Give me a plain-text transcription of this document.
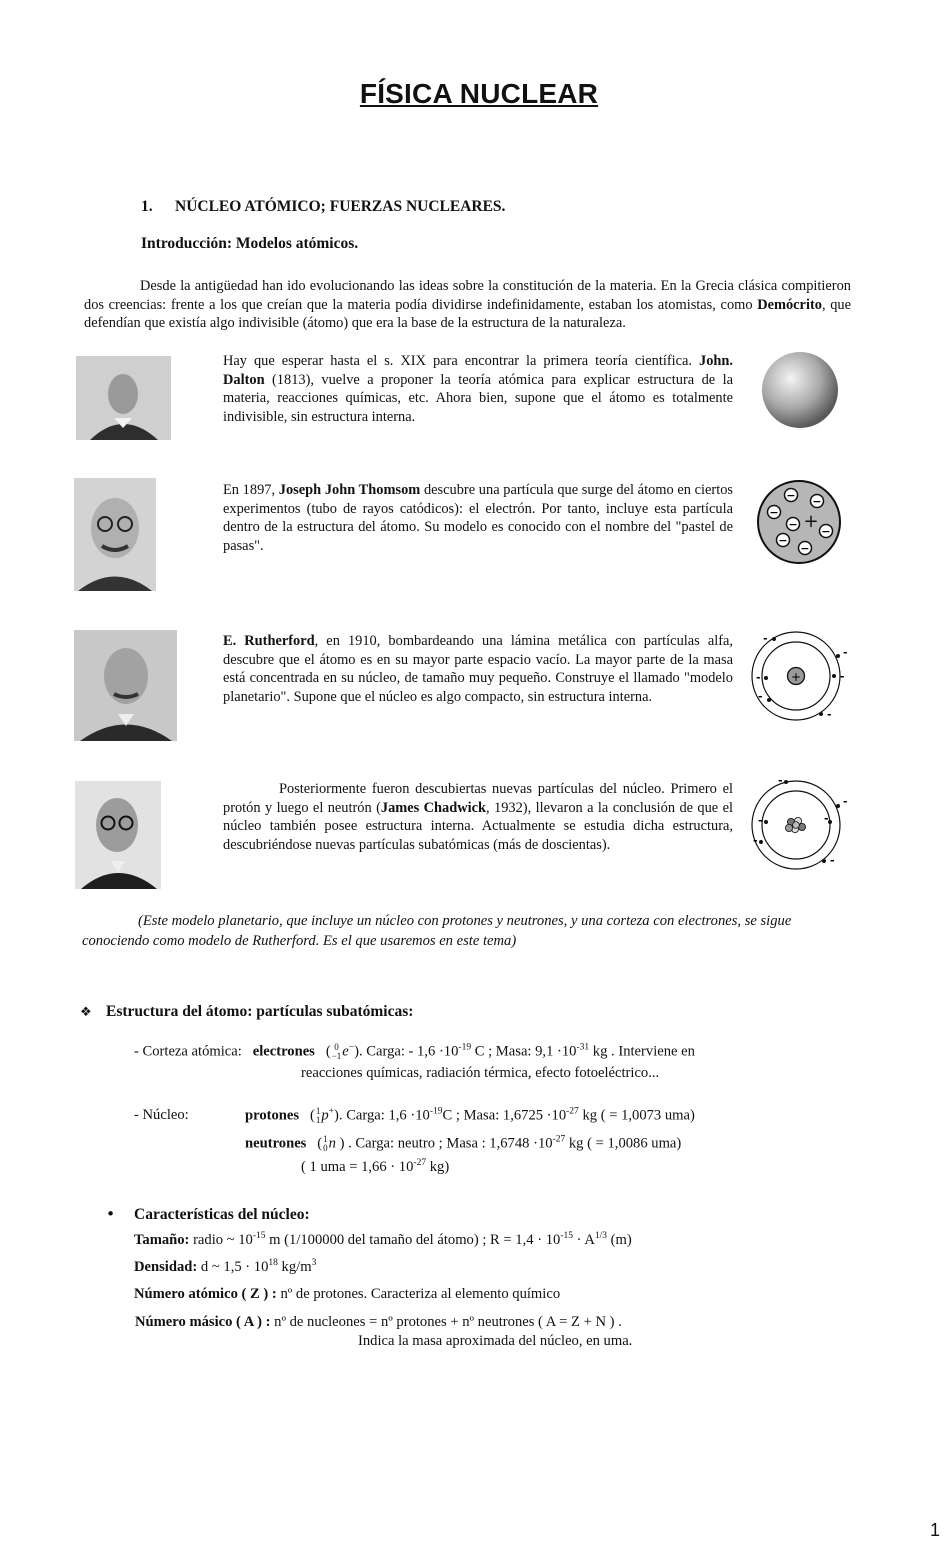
FÍSICA NUCLEAR
1. NÚCLEO ATÓMICO; FUERZAS NUCLEARES.
Introducción: Modelos atómicos.
Desde la antigüedad han ido evolucionando las ideas sobre la constitución de la materia. En la Grecia clásica compitieron dos creencias: frente a los que creían que la materia podía dividirse indefinidamente, estaban los atomistas, como Demócrito, que defendían que existía algo indivisible (átomo) que era la base de la estructura de la naturaleza.
Hay que esperar hasta el s. XIX para encontrar la primera teoría científica. John. Dalton (1813), vuelve a proponer la teoría atómica para explicar estructura de la materia, reacciones químicas, etc. Ahora bien, supone que el átomo es totalmente indivisible, sin estructura interna.
En 1897, Joseph John Thomsom descubre una partícula que surge del átomo en ciertos experimentos (tubo de rayos catódicos): el electrón. Por tanto, incluye esta partícula dentro de la estructura del átomo. Su modelo es conocido con el nombre del "pastel de pasas".
− −
−
−
−
−
−
+
E. Rutherford, en 1910, bombardeando una lámina metálica con partículas alfa, descubre que el átomo es en su mayor parte espacio vacío. La mayor parte de la masa está concentrada en su núcleo, de tamaño muy pequeño. Construye el llamado "modelo planetario". Supone que el núcleo es algo compacto, sin estructura interna.
+
-
-
-
-
-
-
Posteriormente fueron descubiertas nuevas partículas del núcleo. Primero el protón y luego el neutrón (James Chadwick, 1932), llevaron a la conclusión de que el núcleo también posee estructura interna. Actualmente se estudia dicha estructura, descubriéndose nuevas partículas subatómicas (más de doscientas).
-
-
-	-
-
-
(Este modelo planetario, que incluye un núcleo con protones y neutrones, y una corteza con electrones, se sigue conociendo como modelo de Rutherford. Es el que usaremos en este tema)
❖ Estructura del átomo: partículas subatómicas:
- Corteza atómica: electrones   ( 0
−1e−). Carga: - $1,6 \cdot 10^{-19}$ C ; Masa: $9,1 \cdot 10^{-31}$ kg . Interviene en
reacciones químicas, radiación térmica, efecto fotoeléctrico...
- Núcleo:	protones   (1
1p+). Carga: $1,6 \cdot 10^{-19}C$ ; Masa: $1,6725 \cdot 10^{-27}$ kg ( = 1,0073 uma)
neutrones   (1
0n ) . Carga: neutro ; Masa : $1,6748 \cdot 10^{-27}$ kg ( = 1,0086 uma)
( 1 uma = $1,66 \cdot 10^{-27}$ kg)
• Características del núcleo:
Tamaño: radio ~ $10^{-15}$ m (1/100000 del tamaño del átomo) ; $R = 1,4 \cdot 10^{-15} \cdot A^{1/3}$ (m)
Densidad: d ~ $1,5 \cdot 10^{18}$ $kg/m^3$
Número atómico ( Z ) : nº de protones. Caracteriza al elemento químico
Número másico ( A ) : nº de nucleones = nº protones + nº neutrones ( A = Z + N ) .
Indica la masa aproximada del núcleo, en uma.
1
